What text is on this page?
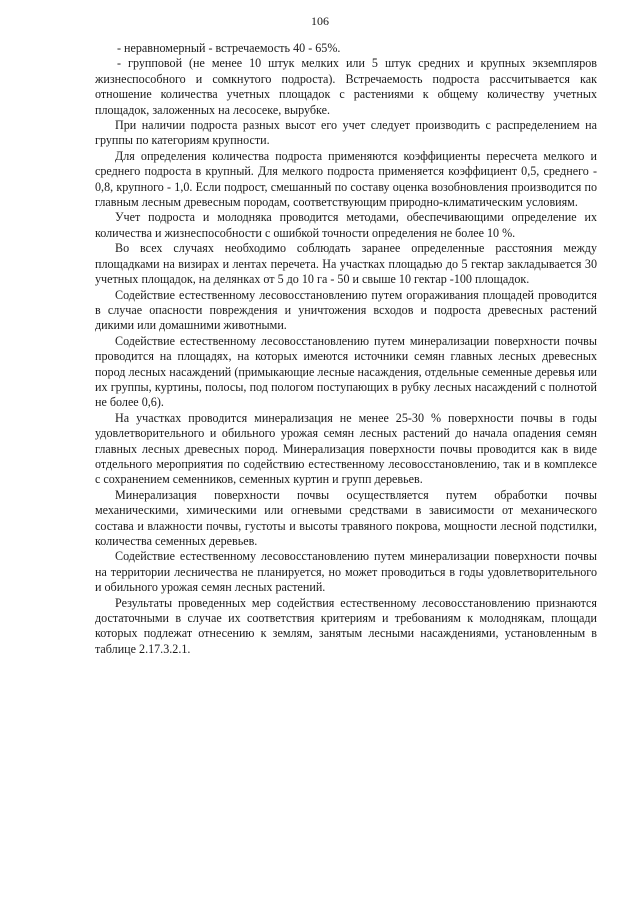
106

- неравномерный - встречаемость 40 - 65%.

- групповой (не менее 10 штук мелких или 5 штук средних и крупных экземпляров жизнеспособного и сомкнутого подроста). Встречаемость подроста рассчитывается как отношение количества учетных площадок с растениями к общему количеству учетных площадок, заложенных на лесосеке, вырубке.

При наличии подроста разных высот его учет следует производить с распределением на группы по категориям крупности.

Для определения количества подроста применяются коэффициенты пересчета мелкого и среднего подроста в крупный. Для мелкого подроста применяется коэффициент 0,5, среднего - 0,8, крупного - 1,0. Если подрост, смешанный по составу оценка возобновления производится по главным лесным древесным породам, соответствующим природно-климатическим условиям.

Учет подроста и молодняка проводится методами, обеспечивающими определение их количества и жизнеспособности с ошибкой точности определения не более 10 %.

Во всех случаях необходимо соблюдать заранее определенные расстояния между площадками на визирах и лентах перечета. На участках площадью до 5 гектар закладывается 30 учетных площадок, на делянках от 5 до 10 га - 50 и свыше 10 гектар -100 площадок.

Содействие естественному лесовосстановлению путем огораживания площадей проводится в случае опасности повреждения и уничтожения всходов и подроста древесных растений дикими или домашними животными.

Содействие естественному лесовосстановлению путем минерализации поверхности почвы проводится на площадях, на которых имеются источники семян главных лесных древесных пород лесных насаждений (примыкающие лесные насаждения, отдельные семенные деревья или их группы, куртины, полосы, под пологом поступающих в рубку лесных насаждений с полнотой не более 0,6).

На участках проводится минерализация не менее 25-30 % поверхности почвы в годы удовлетворительного и обильного урожая семян лесных растений до начала опадения семян главных лесных древесных пород. Минерализация поверхности почвы проводится как в виде отдельного мероприятия по содействию естественному лесовосстановлению, так и в комплексе с сохранением семенников, семенных куртин и групп деревьев.

Минерализация поверхности почвы осуществляется путем обработки почвы механическими, химическими или огневыми средствами в зависимости от механического состава и влажности почвы, густоты и высоты травяного покрова, мощности лесной подстилки, количества семенных деревьев.

Содействие естественному лесовосстановлению путем минерализации поверхности почвы на территории лесничества не планируется, но может проводиться в годы удовлетворительного и обильного урожая семян лесных растений.

Результаты проведенных мер содействия естественному лесовосстановлению признаются достаточными в случае их соответствия критериям и требованиям к молоднякам, площади которых подлежат отнесению к землям, занятым лесными насаждениями, установленным в таблице 2.17.3.2.1.
